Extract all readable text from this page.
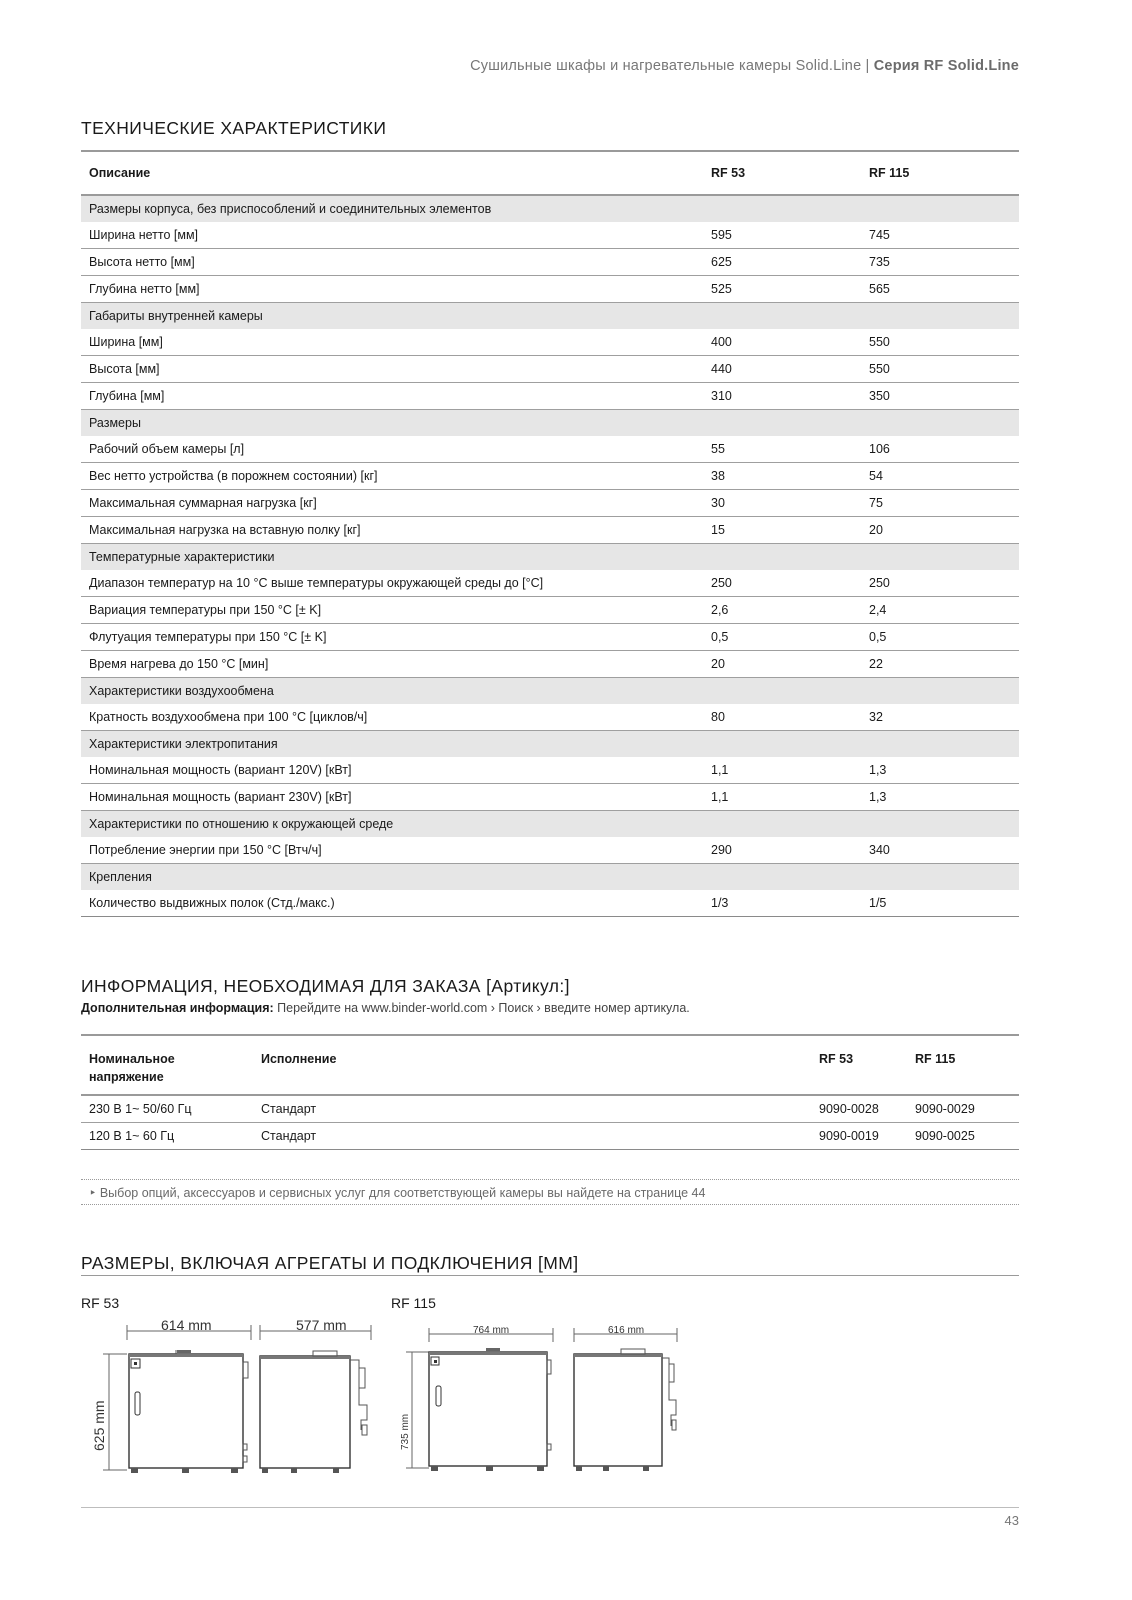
Сушильные шкафы и нагревательные камеры Solid.Line | Серия RF Solid.Line
ТЕХНИЧЕСКИЕ ХАРАКТЕРИСТИКИ
Описание	RF 53	RF 115
Размеры корпуса, без приспособлений и соединительных элементов		
Ширина нетто [мм]	595	745
Высота нетто [мм]	625	735
Глубина нетто [мм]	525	565
Габариты внутренней камеры		
Ширина [мм]	400	550
Высота [мм]	440	550
Глубина [мм]	310	350
Размеры		
Рабочий объем камеры [л]	55	106
Вес нетто устройства (в порожнем состоянии) [кг]	38	54
Максимальная суммарная нагрузка [кг]	30	75
Максимальная нагрузка на вставную полку [кг]	15	20
Температурные характеристики		
Диапазон температур на 10 °C выше температуры окружающей среды до [°C]	250	250
Вариация температуры при 150 °C [± K]	2,6	2,4
Флутуация температуры при 150 °C [± K]	0,5	0,5
Время нагрева до 150 °C [мин]	20	22
Характеристики воздухообмена		
Кратность воздухообмена при 100 °C [циклов/ч]	80	32
Характеристики электропитания		
Номинальная мощность (вариант 120V) [кВт]	1,1	1,3
Номинальная мощность (вариант 230V) [кВт]	1,1	1,3
Характеристики по отношению к окружающей среде		
Потребление энергии при 150 °C [Втч/ч]	290	340
Крепления		
Количество выдвижных полок (Стд./макс.)	1/3	1/5
ИНФОРМАЦИЯ, НЕОБХОДИМАЯ ДЛЯ ЗАКАЗА [Артикул:]
Дополнительная информация: Перейдите на www.binder-world.com › Поиск › введите номер артикула.
Номинальное
напряжение	Исполнение	RF 53	RF 115
230 В 1~ 50/60 Гц	Стандарт	9090-0028	9090-0029
120 В 1~ 60 Гц	Стандарт	9090-0019	9090-0025
‣ Выбор опций, аксессуаров и сервисных услуг для соответствующей камеры вы найдете на странице 44
РАЗМЕРЫ, ВКЛЮЧАЯ АГРЕГАТЫ И ПОДКЛЮЧЕНИЯ [ММ]
RF 53	RF 115
614 mm
625 mm
577 mm	764 mm
735 mm
616 mm
43
